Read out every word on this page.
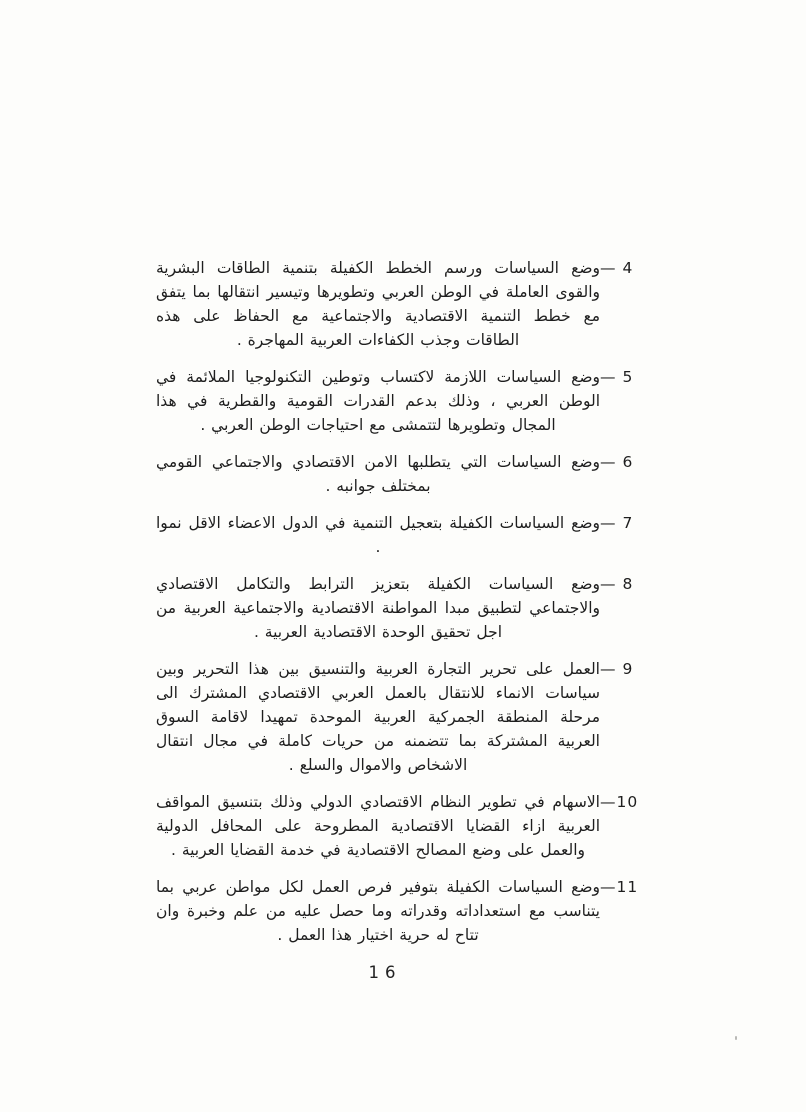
4 —

وضع السياسات ورسم الخطط الكفيلة بتنمية الطاقات البشرية والقوى العاملة في الوطن العربي وتطويرها وتيسير انتقالها بما يتفق مع خطط التنمية الاقتصادية والاجتماعية مع الحفاظ على هذه الطاقات وجذب الكفاءات العربية المهاجرة .

5 —

وضع السياسات اللازمة لاكتساب وتوطين التكنولوجيا الملائمة في الوطن العربي ، وذلك بدعم القدرات القومية والقطرية في هذا المجال وتطويرها لتتمشى مع احتياجات الوطن العربي .

6 —

وضع السياسات التي يتطلبها الامن الاقتصادي والاجتماعي القومي بمختلف جوانبه .

7 —

وضع السياسات الكفيلة بتعجيل التنمية في الدول الاعضاء الاقل نموا .

8 —

وضع السياسات الكفيلة بتعزيز الترابط والتكامل الاقتصادي والاجتماعي لتطبيق مبدا المواطنة الاقتصادية والاجتماعية العربية من اجل تحقيق الوحدة الاقتصادية العربية .

9 —

العمل على تحرير التجارة العربية والتنسيق بين هذا التحرير وبين سياسات الانماء للانتقال بالعمل العربي الاقتصادي المشترك الى مرحلة المنطقة الجمركية العربية الموحدة تمهيدا لاقامة السوق العربية المشتركة بما تتضمنه من حريات كاملة في مجال انتقال الاشخاص والاموال والسلع .

10—

الاسهام في تطوير النظام الاقتصادي الدولي وذلك بتنسيق المواقف العربية ازاء القضايا الاقتصادية المطروحة على المحافل الدولية والعمل على وضع المصالح الاقتصادية في خدمة القضايا العربية .

11—

وضع السياسات الكفيلة بتوفير فرص العمل لكل مواطن عربي بما يتناسب مع استعداداته وقدراته وما حصل عليه من علم وخبرة وان تتاح له حرية اختيار هذا العمل .

16
